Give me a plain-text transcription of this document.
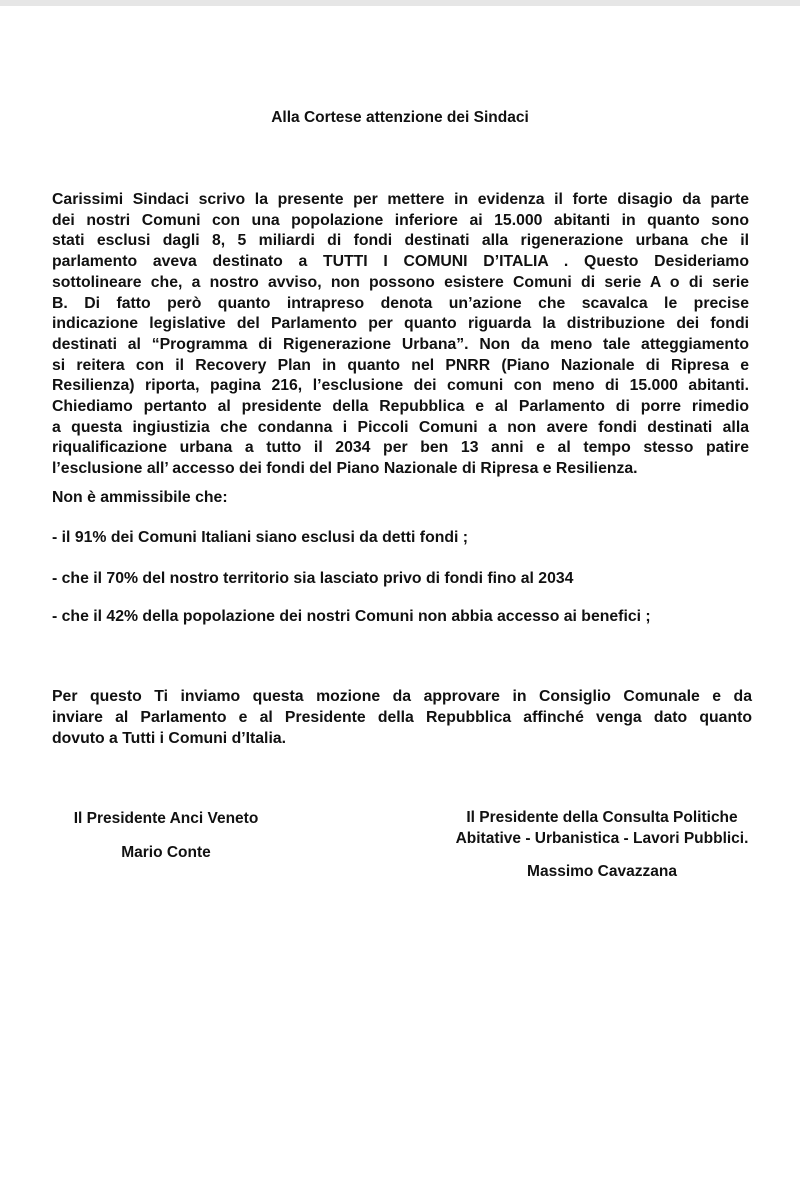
Alla Cortese attenzione dei Sindaci
Carissimi Sindaci scrivo la presente per mettere in evidenza il forte disagio da parte
dei nostri Comuni con una popolazione inferiore ai 15.000 abitanti in quanto sono
stati esclusi dagli 8, 5 miliardi di fondi destinati alla rigenerazione urbana che il
parlamento aveva destinato a TUTTI I COMUNI D’ITALIA . Questo Desideriamo
sottolineare che, a nostro avviso, non possono esistere Comuni di serie A o di serie
B. Di fatto però quanto intrapreso denota un’azione che scavalca le precise
indicazione legislative del Parlamento per quanto riguarda la distribuzione dei fondi
destinati al “Programma di Rigenerazione Urbana”. Non da meno tale atteggiamento
si reitera con il Recovery Plan in quanto nel PNRR (Piano Nazionale di Ripresa e
Resilienza) riporta, pagina 216, l’esclusione dei comuni con meno di 15.000 abitanti.
Chiediamo pertanto al presidente della Repubblica e al Parlamento di porre rimedio
a questa ingiustizia che condanna i Piccoli Comuni a non avere fondi destinati alla
riqualificazione urbana a tutto il 2034 per ben 13 anni e al tempo stesso patire
l’esclusione all’ accesso dei fondi del Piano Nazionale di Ripresa e Resilienza.
Non è ammissibile che:
- il 91% dei Comuni Italiani siano esclusi da detti fondi ;
- che il 70% del nostro territorio sia lasciato privo di fondi fino al 2034
- che il 42% della popolazione dei nostri Comuni non abbia accesso ai benefici ;
Per questo Ti inviamo questa mozione da approvare in Consiglio Comunale e da
inviare al Parlamento e al Presidente della Repubblica affinché venga dato quanto
dovuto a Tutti i Comuni d’Italia.
Il Presidente Anci Veneto
Mario Conte
Il Presidente della Consulta Politiche
Abitative - Urbanistica - Lavori Pubblici.
Massimo Cavazzana
